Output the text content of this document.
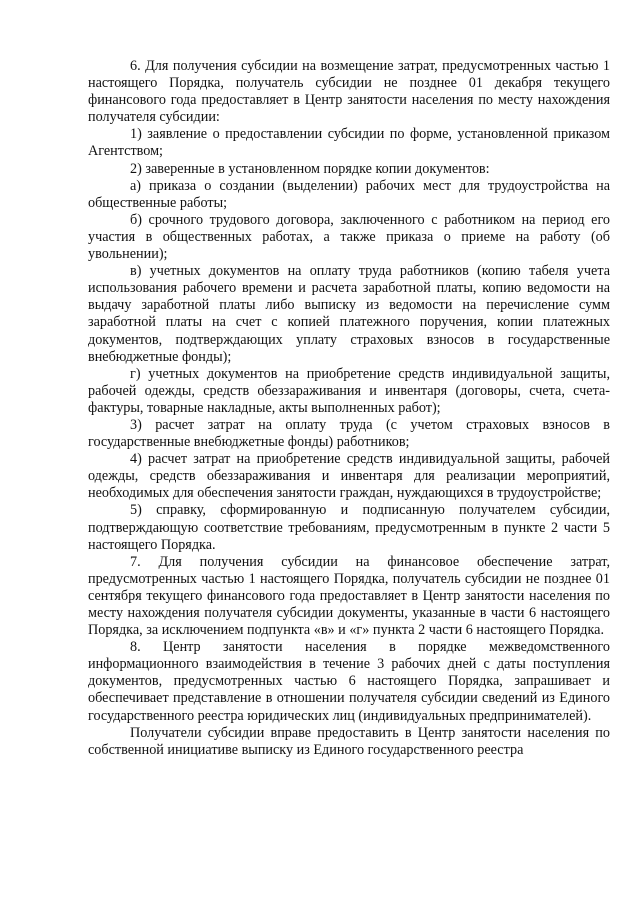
6. Для получения субсидии на возмещение затрат, предусмотренных частью 1 настоящего Порядка, получатель субсидии не позднее 01 декабря текущего финансового года предоставляет в Центр занятости населения по месту нахождения получателя субсидии:

1) заявление о предоставлении субсидии по форме, установленной приказом Агентством;

2) заверенные в установленном порядке копии документов:

а) приказа о создании (выделении) рабочих мест для трудоустройства на общественные работы;

б) срочного трудового договора, заключенного с работником на период его участия в общественных работах, а также приказа о приеме на работу (об увольнении);

в) учетных документов на оплату труда работников (копию табеля учета использования рабочего времени и расчета заработной платы, копию ведомости на выдачу заработной платы либо выписку из ведомости на перечисление сумм заработной платы на счет с копией платежного поручения, копии платежных документов, подтверждающих уплату страховых взносов в государственные внебюджетные фонды);

г) учетных документов на приобретение средств индивидуальной защиты, рабочей одежды, средств обеззараживания и инвентаря (договоры, счета, счета-фактуры, товарные накладные, акты выполненных работ);

3) расчет затрат на оплату труда (с учетом страховых взносов в государственные внебюджетные фонды) работников;

4) расчет затрат на приобретение средств индивидуальной защиты, рабочей одежды, средств обеззараживания и инвентаря для реализации мероприятий, необходимых для обеспечения занятости граждан, нуждающихся в трудоустройстве;

5) справку, сформированную и подписанную получателем субсидии, подтверждающую соответствие требованиям, предусмотренным в пункте 2 части 5 настоящего Порядка.

7. Для получения субсидии на финансовое обеспечение затрат, предусмотренных частью 1 настоящего Порядка, получатель субсидии не позднее 01 сентября текущего финансового года предоставляет в Центр занятости населения по месту нахождения получателя субсидии документы, указанные в части 6 настоящего Порядка, за исключением подпункта «в» и «г» пункта 2 части 6 настоящего Порядка.

8. Центр занятости населения в порядке межведомственного информационного взаимодействия в течение 3 рабочих дней с даты поступления документов, предусмотренных частью 6 настоящего Порядка, запрашивает и обеспечивает представление в отношении получателя субсидии сведений из Единого государственного реестра юридических лиц (индивидуальных предпринимателей).

Получатели субсидии вправе предоставить в Центр занятости населения по собственной инициативе выписку из Единого государственного реестра
